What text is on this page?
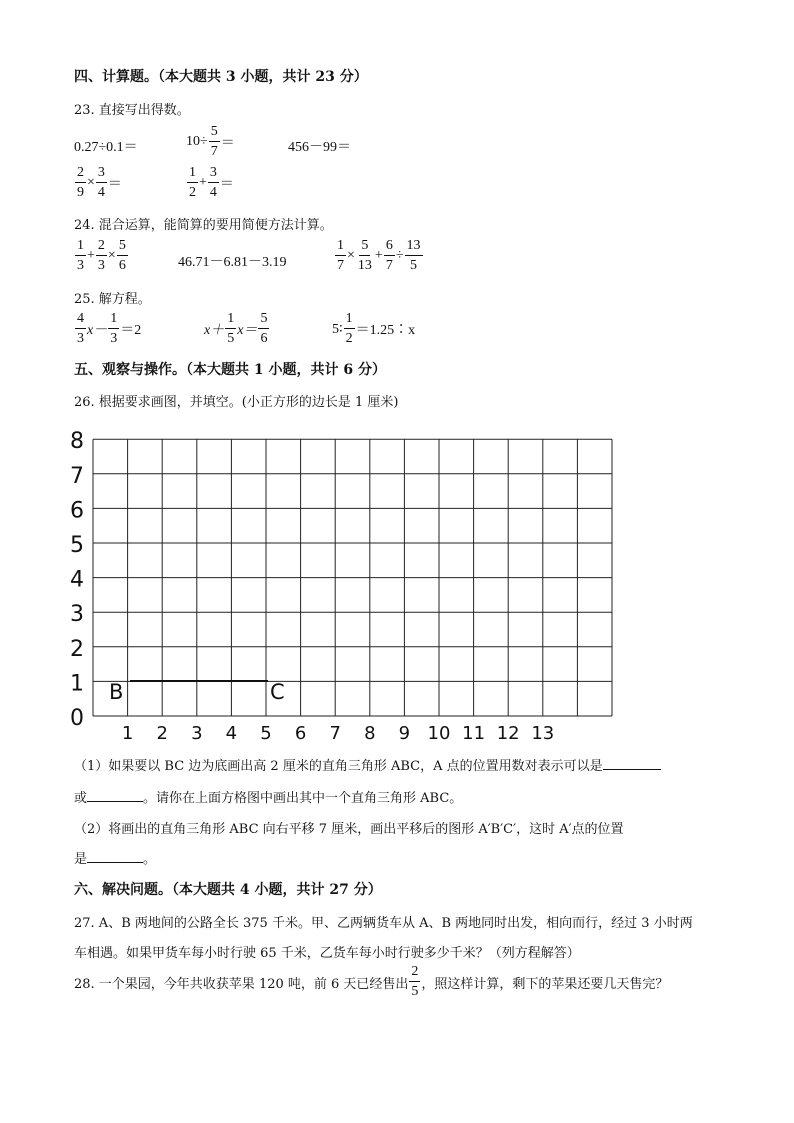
四、计算题。（本大题共 3 小题，共计 23 分）
23. 直接写出得数。
0.27÷0.1＝	$10\div \frac{5}{7}$ ＝	456－99＝
$\frac{2}{9} \times \frac{3}{4}$ ＝	$\frac{1}{2} + \frac{3}{4}$ ＝
24. 混合运算，能简算的要用简便方法计算。
$\frac{1}{3} + \frac{2}{3} \times \frac{5}{6}$	46.71－6.81－3.19	$\frac{1}{7} \times \frac{5}{13} + \frac{6}{7} \div \frac{13}{5}$
25. 解方程。
$\frac{4}{3} x- \frac{1}{3} =2$	$x+ \frac{1}{5} x= \frac{5}{6}$	5∶ $\frac{1}{2}$ ＝1.25∶x
五、观察与操作。（本大题共 1 小题，共计 6 分）
26. 根据要求画图，并填空。(小正方形的边长是 1 厘米)
0
1
2
3
4
5
6
7
8
1 2 3 4 5 6 7 8 9 10 11 12 13
B	C
（1）如果要以 BC 边为底画出高 2 厘米的直角三角形 ABC，A 点的位置用数对表示可以是
或	。请你在上面方格图中画出其中一个直角三角形 ABC。
（2）将画出的直角三角形 ABC 向右平移 7 厘米，画出平移后的图形 A′B′C′，这时 A′点的位置
是	。
六、解决问题。（本大题共 4 小题，共计 27 分）
27. A、B 两地间的公路全长 375 千米。甲、乙两辆货车从 A、B 两地同时出发，相向而行，经过 3 小时两
车相遇。如果甲货车每小时行驶 65 千米，乙货车每小时行驶多少千米？（列方程解答）
28. 一个果园，今年共收获苹果 120 吨，前 6 天已经售出 $\frac{2}{5}$ ，照这样计算，剩下的苹果还要几天售完？
